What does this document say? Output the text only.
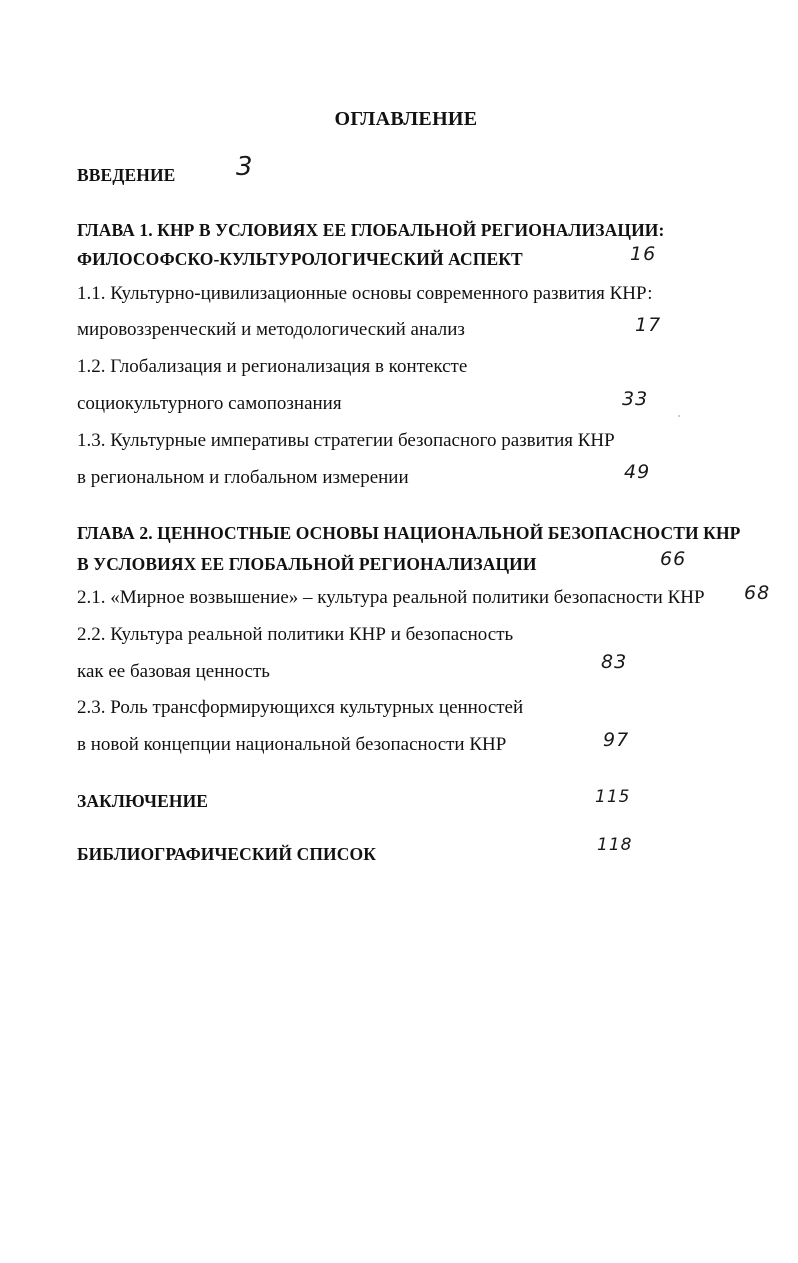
ОГЛАВЛЕНИЕ
ВВЕДЕНИЕ 3
ГЛАВА 1. КНР В УСЛОВИЯХ ЕЕ ГЛОБАЛЬНОЙ РЕГИОНАЛИЗАЦИИ:
ФИЛОСОФСКО-КУЛЬТУРОЛОГИЧЕСКИЙ АСПЕКТ	16
1.1. Культурно-цивилизационные основы современного развития КНР:
мировоззренческий и методологический анализ	17
1.2. Глобализация и регионализация в контексте
социокультурного самопознания	33
1.3. Культурные императивы стратегии безопасного развития КНР
в региональном и глобальном измерении	49
ГЛАВА 2. ЦЕННОСТНЫЕ ОСНОВЫ НАЦИОНАЛЬНОЙ БЕЗОПАСНОСТИ КНР
В УСЛОВИЯХ ЕЕ ГЛОБАЛЬНОЙ РЕГИОНАЛИЗАЦИИ	66
2.1. «Мирное возвышение» – культура реальной политики безопасности КНР 68
2.2. Культура реальной политики КНР и безопасность
как ее базовая ценность	83
2.3. Роль трансформирующихся культурных ценностей
в новой концепции национальной безопасности КНР	97
ЗАКЛЮЧЕНИЕ	115
БИБЛИОГРАФИЧЕСКИЙ СПИСОК	118
